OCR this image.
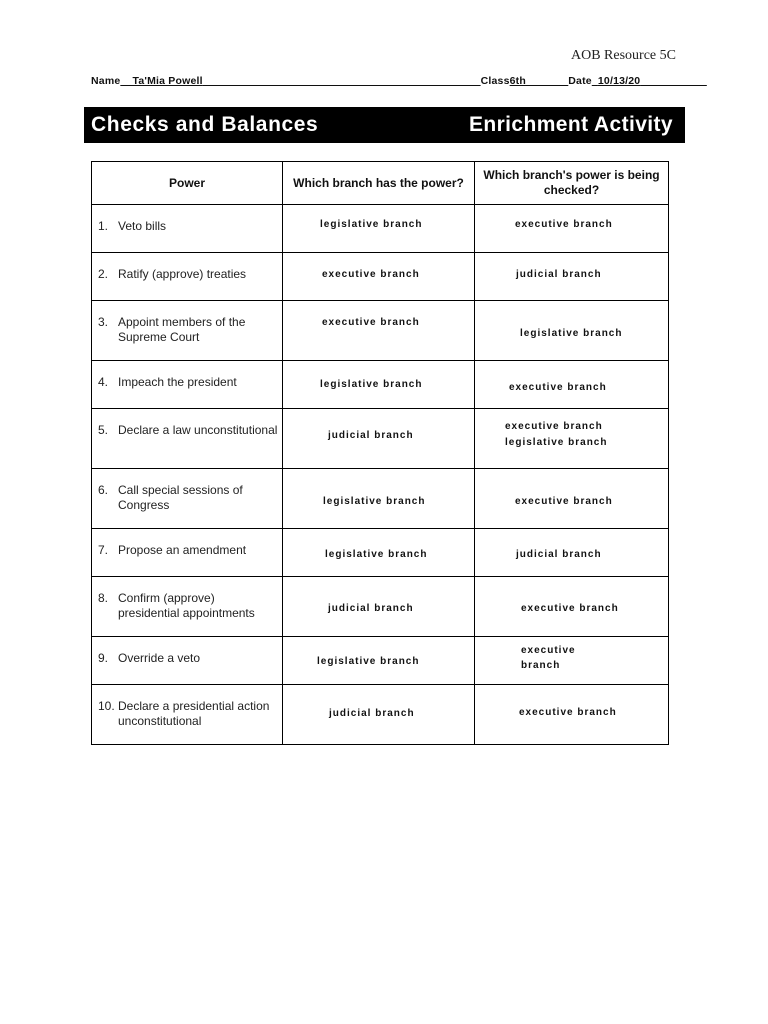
AOB Resource 5C
Name__Ta'Mia Powell______________________________________________Class6th_______Date_10/13/20___________
Checks and Balances	Enrichment Activity
Power	Which branch has the power?	Which branch's power is being checked?

1. Veto bills	legislative branch	executive branch

2. Ratify (approve) treaties	executive branch	judicial branch

3. Appoint members of the Supreme Court	executive branch	legislative branch

4. Impeach the president	legislative branch	executive branch

5. Declare a law unconstitutional	judicial branch	executive branch
legislative branch

6. Call special sessions of Congress	legislative branch	executive branch

7. Propose an amendment	legislative branch	judicial branch

8. Confirm (approve) presidential appointments	judicial branch	executive branch

9. Override a veto	legislative branch	executive
branch

10. Declare a presidential action unconstitutional	judicial branch	executive branch
